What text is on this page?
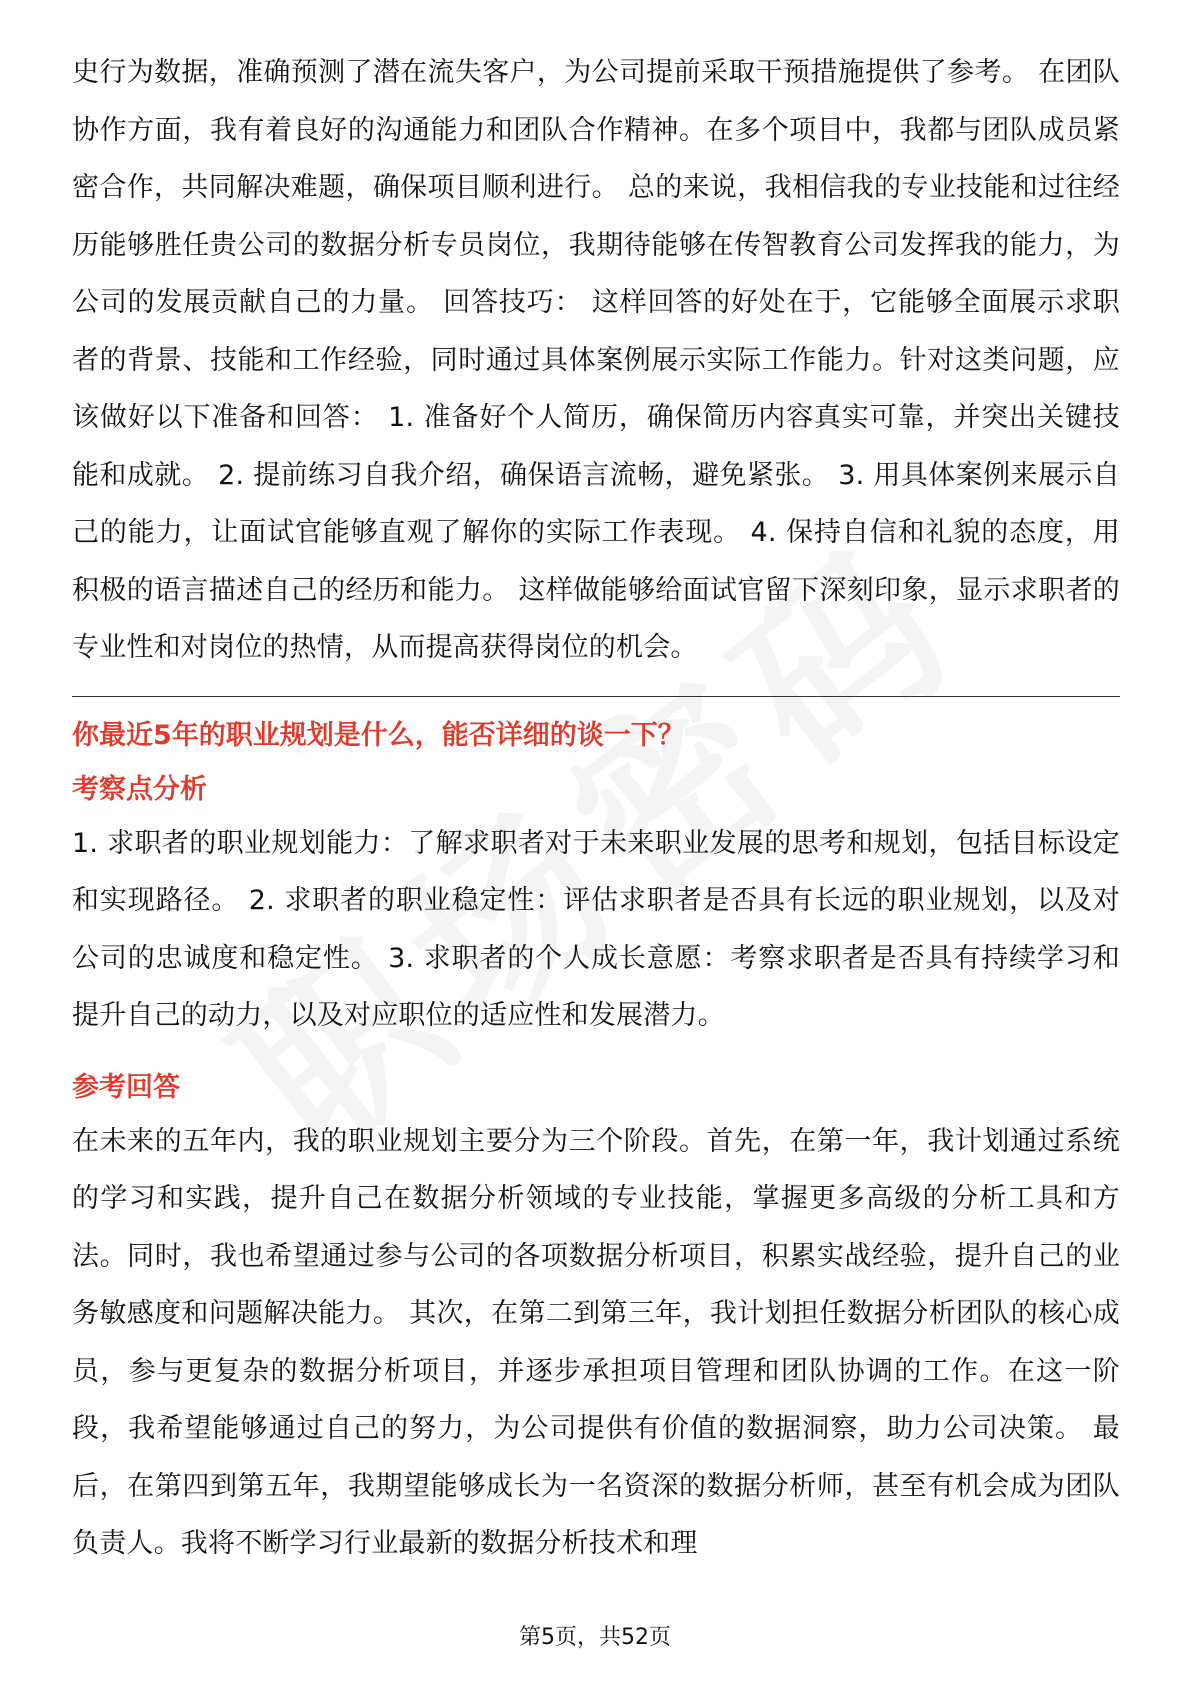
史行为数据，准确预测了潜在流失客户，为公司提前采取干预措施提供了参考。 在团队协作方面，我有着良好的沟通能力和团队合作精神。在多个项目中，我都与团队成员紧密合作，共同解决难题，确保项目顺利进行。 总的来说，我相信我的专业技能和过往经历能够胜任贵公司的数据分析专员岗位，我期待能够在传智教育公司发挥我的能力，为公司的发展贡献自己的力量。 回答技巧： 这样回答的好处在于，它能够全面展示求职者的背景、技能和工作经验，同时通过具体案例展示实际工作能力。针对这类问题，应该做好以下准备和回答： 1. 准备好个人简历，确保简历内容真实可靠，并突出关键技能和成就。 2. 提前练习自我介绍，确保语言流畅，避免紧张。 3. 用具体案例来展示自己的能力，让面试官能够直观了解你的实际工作表现。 4. 保持自信和礼貌的态度，用积极的语言描述自己的经历和能力。 这样做能够给面试官留下深刻印象，显示求职者的专业性和对岗位的热情，从而提高获得岗位的机会。

你最近5年的职业规划是什么，能否详细的谈一下？

考察点分析

1. 求职者的职业规划能力：了解求职者对于未来职业发展的思考和规划，包括目标设定和实现路径。 2. 求职者的职业稳定性：评估求职者是否具有长远的职业规划，以及对公司的忠诚度和稳定性。 3. 求职者的个人成长意愿：考察求职者是否具有持续学习和提升自己的动力，以及对应职位的适应性和发展潜力。

参考回答

在未来的五年内，我的职业规划主要分为三个阶段。首先，在第一年，我计划通过系统的学习和实践，提升自己在数据分析领域的专业技能，掌握更多高级的分析工具和方法。同时，我也希望通过参与公司的各项数据分析项目，积累实战经验，提升自己的业务敏感度和问题解决能力。 其次，在第二到第三年，我计划担任数据分析团队的核心成员，参与更复杂的数据分析项目，并逐步承担项目管理和团队协调的工作。在这一阶段，我希望能够通过自己的努力，为公司提供有价值的数据洞察，助力公司决策。 最后，在第四到第五年，我期望能够成长为一名资深的数据分析师，甚至有机会成为团队负责人。我将不断学习行业最新的数据分析技术和理

第5页，共52页
